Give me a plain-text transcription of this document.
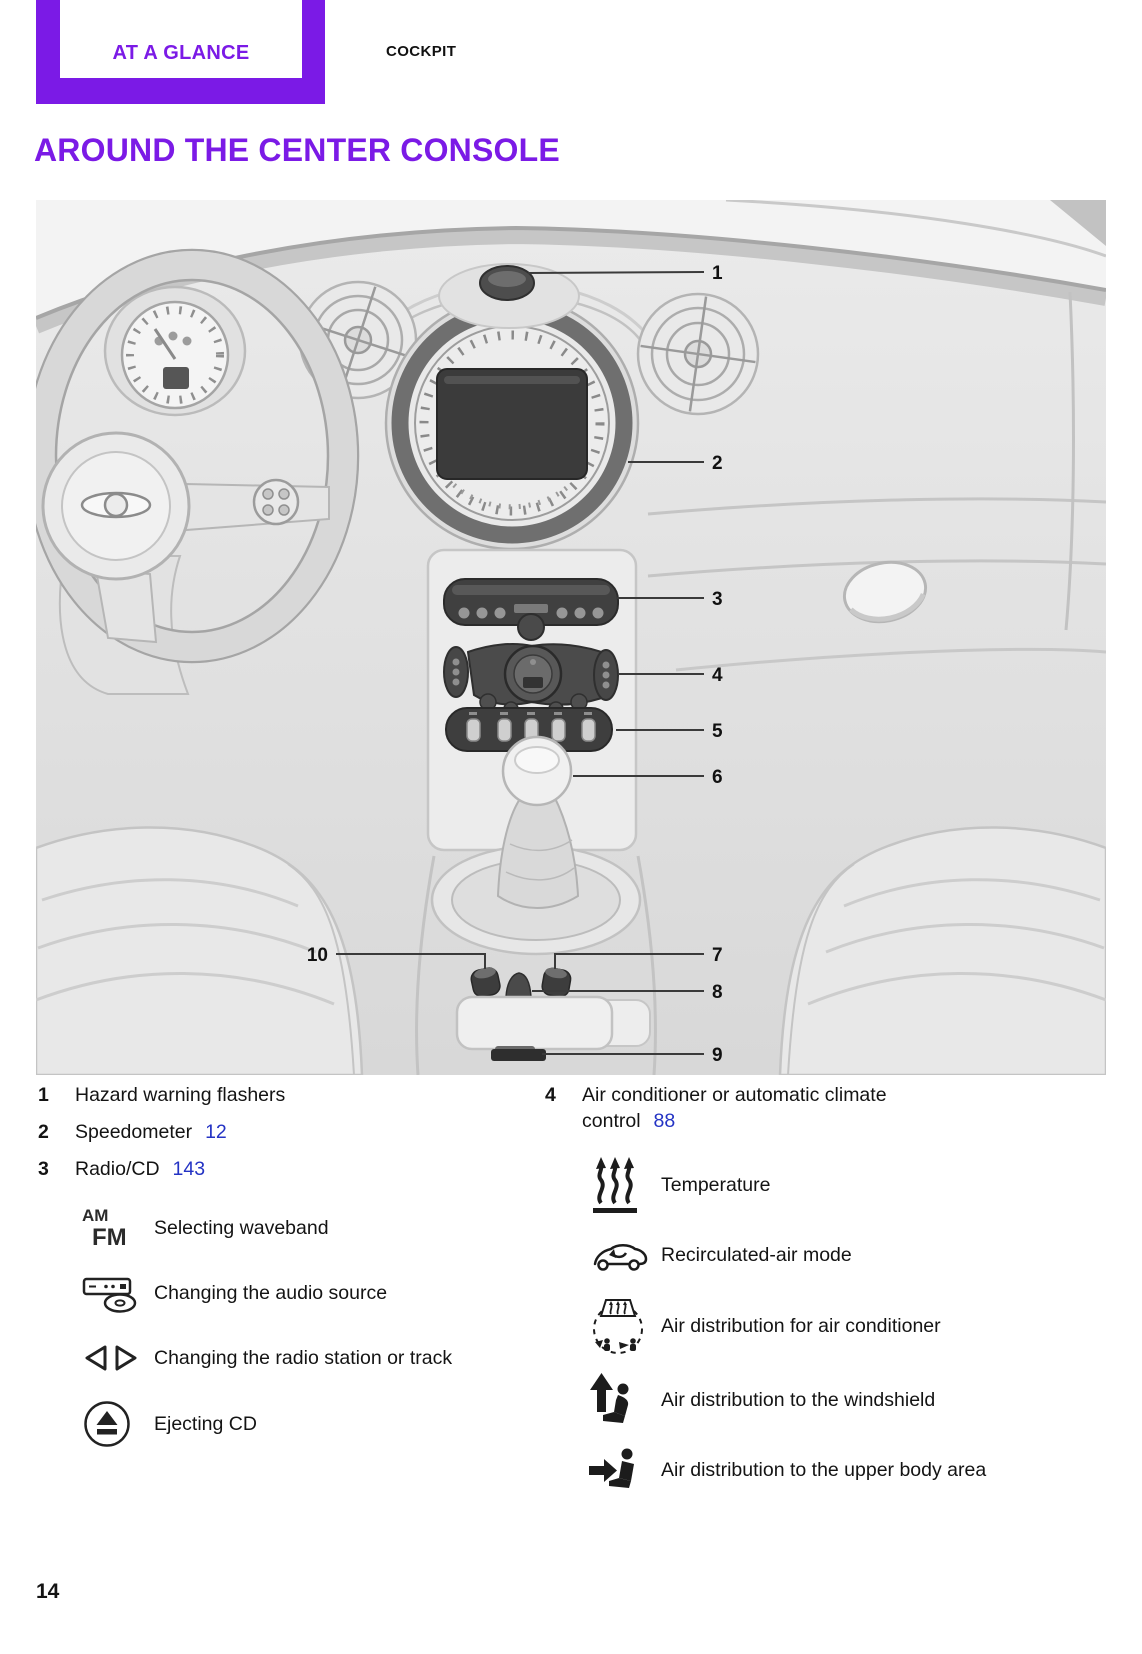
AT A GLANCE	COCKPIT
AROUND THE CENTER CONSOLE
1
2
3
4
5
6
7
8
9
10
1 Hazard warning flashers
2 Speedometer 12
3 Radio/CD 143
AM
FM Selecting waveband
Changing the audio source
Changing the radio station or track
Ejecting CD
4 Air conditioner or automatic climate control 88
Temperature
Recirculated-air mode
Air distribution for air conditioner
Air distribution to the windshield
Air distribution to the upper body area
14
